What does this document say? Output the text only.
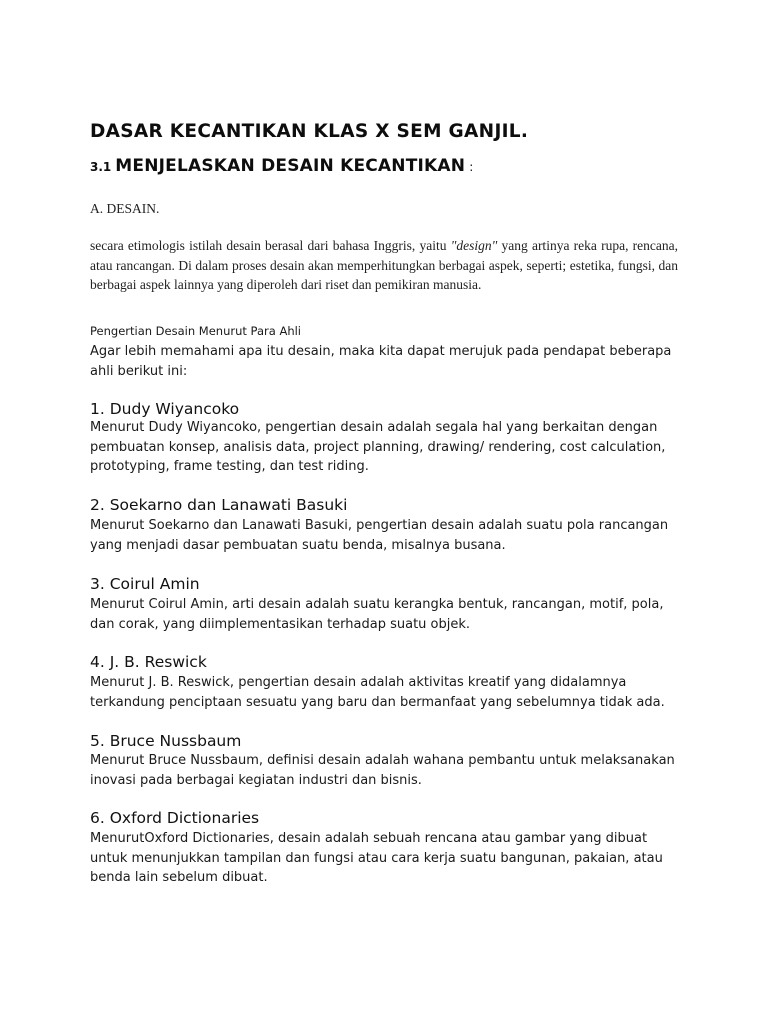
DASAR KECANTIKAN KLAS X SEM GANJIL.
3.1 MENJELASKAN DESAIN KECANTIKAN :
A. DESAIN.
secara etimologis istilah desain berasal dari bahasa Inggris, yaitu "design" yang artinya reka rupa, rencana, atau rancangan. Di dalam proses desain akan memperhitungkan berbagai aspek, seperti; estetika, fungsi, dan berbagai aspek lainnya yang diperoleh dari riset dan pemikiran manusia.
Pengertian Desain Menurut Para Ahli
Agar lebih memahami apa itu desain, maka kita dapat merujuk pada pendapat beberapa ahli berikut ini:
1. Dudy Wiyancoko
Menurut Dudy Wiyancoko, pengertian desain adalah segala hal yang berkaitan dengan pembuatan konsep, analisis data, project planning, drawing/ rendering, cost calculation, prototyping, frame testing, dan test riding.
2. Soekarno dan Lanawati Basuki
Menurut Soekarno dan Lanawati Basuki, pengertian desain adalah suatu pola rancangan yang menjadi dasar pembuatan suatu benda, misalnya busana.
3. Coirul Amin
Menurut Coirul Amin, arti desain adalah suatu kerangka bentuk, rancangan, motif, pola, dan corak, yang diimplementasikan terhadap suatu objek.
4. J. B. Reswick
Menurut J. B. Reswick, pengertian desain adalah aktivitas kreatif yang didalamnya terkandung penciptaan sesuatu yang baru dan bermanfaat yang sebelumnya tidak ada.
5. Bruce Nussbaum
Menurut Bruce Nussbaum, definisi desain adalah wahana pembantu untuk melaksanakan inovasi pada berbagai kegiatan industri dan bisnis.
6. Oxford Dictionaries
MenurutOxford Dictionaries, desain adalah sebuah rencana atau gambar yang dibuat untuk menunjukkan tampilan dan fungsi atau cara kerja suatu bangunan, pakaian, atau benda lain sebelum dibuat.
